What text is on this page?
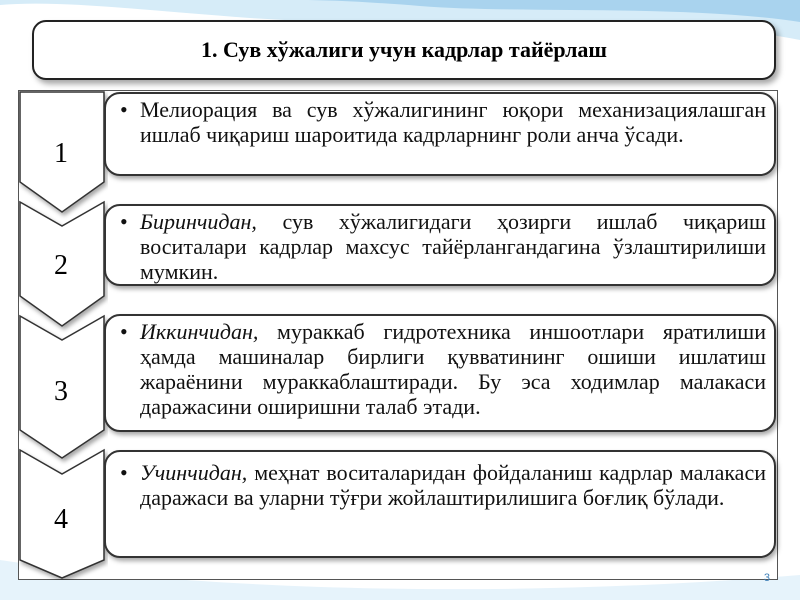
1. Сув хўжалиги учун кадрлар тайёрлаш
1
2
3
4
• Мелиорация ва сув хўжалигининг юқори механизациялашган ишлаб чиқариш шароитида кадрларнинг роли анча ўсади.
• Биринчидан, сув хўжалигидаги ҳозирги ишлаб чиқариш воситалари кадрлар махсус тайёрлангандагина ўзлаштирилиши мумкин.
• Иккинчидан, мураккаб гидротехника иншоотлари яратилиши ҳамда машиналар бирлиги қувватининг ошиши ишлатиш жараёнини мураккаблаштиради. Бу эса ходимлар малакаси даражасини оширишни талаб этади.
• Учинчидан, меҳнат воситаларидан фойдаланиш кадрлар малакаси даражаси ва уларни тўғри жойлаштирилишига боғлиқ бўлади.
3
